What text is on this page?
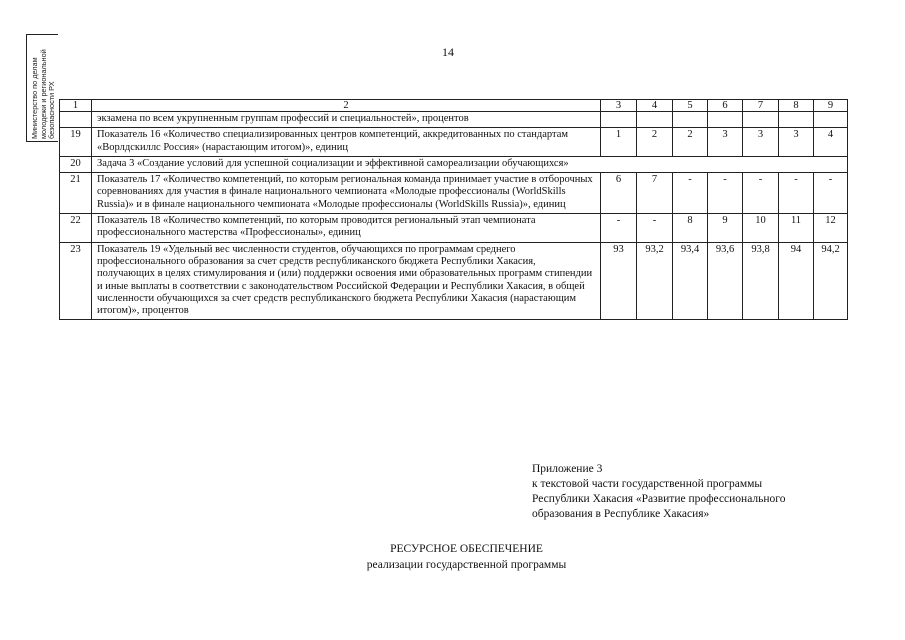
Министерство по делам молодежи и региональной безопасности РХ
14
1	2	3	4	5	6	7	8	9
	экзамена по всем укрупненным группам профессий и специальностей», процентов							
19	Показатель 16 «Количество специализированных центров компетенций, аккредитованных по стандартам «Ворлдскиллс Россия» (нарастающим итогом)», единиц	1	2	2	3	3	3	4
20	Задача 3 «Создание условий для успешной социализации и эффективной самореализации обучающихся»							
21	Показатель 17 «Количество компетенций, по которым региональная команда принимает участие в отборочных соревнованиях для участия в финале национального чемпионата «Молодые профессионалы (WorldSkills Russia)» и в финале национального чемпионата «Молодые профессионалы (WorldSkills Russia)», единиц	6	7	-	-	-	-	-
22	Показатель 18 «Количество компетенций, по которым проводится региональный этап чемпионата профессионального мастерства «Профессионалы», единиц	-	-	8	9	10	11	12
23	Показатель 19 «Удельный вес численности студентов, обучающихся по программам среднего профессионального образования за счет средств республиканского бюджета Республики Хакасия, получающих в целях стимулирования и (или) поддержки освоения ими образовательных программ стипендии и иные выплаты в соответствии с законодательством Российской Федерации и Республики Хакасия, в общей численности обучающихся за счет средств республиканского бюджета Республики Хакасия (нарастающим итогом)», процентов	93	93,2	93,4	93,6	93,8	94	94,2
Приложение 3
к текстовой части государственной программы
Республики Хакасия «Развитие профессионального
образования в Республике Хакасия»
РЕСУРСНОЕ ОБЕСПЕЧЕНИЕ
реализации государственной программы
